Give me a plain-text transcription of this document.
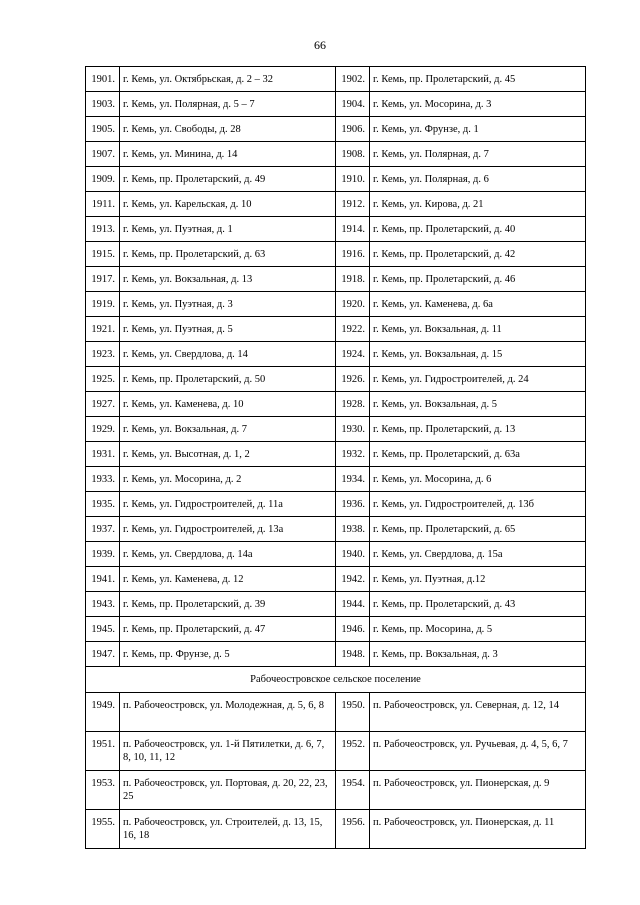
66
1901.	г. Кемь, ул. Октябрьская, д. 2 – 32	1902.	г. Кемь, пр. Пролетарский, д. 45
1903.	г. Кемь, ул. Полярная, д. 5 – 7	1904.	г. Кемь, ул. Мосорина, д. 3
1905.	г. Кемь, ул. Свободы, д. 28	1906.	г. Кемь, ул. Фрунзе, д. 1
1907.	г. Кемь, ул. Минина, д. 14	1908.	г. Кемь, ул. Полярная, д. 7
1909.	г. Кемь, пр. Пролетарский, д. 49	1910.	г. Кемь, ул. Полярная, д. 6
1911.	г. Кемь, ул. Карельская, д. 10	1912.	г. Кемь, ул. Кирова, д. 21
1913.	г. Кемь, ул. Пуэтная, д. 1	1914.	г. Кемь, пр. Пролетарский, д. 40
1915.	г. Кемь, пр. Пролетарский, д. 63	1916.	г. Кемь, пр. Пролетарский, д. 42
1917.	г. Кемь, ул. Вокзальная, д. 13	1918.	г. Кемь, пр. Пролетарский, д. 46
1919.	г. Кемь, ул. Пуэтная, д. 3	1920.	г. Кемь, ул. Каменева, д. 6а
1921.	г. Кемь, ул. Пуэтная, д. 5	1922.	г. Кемь, ул. Вокзальная, д. 11
1923.	г. Кемь, ул. Свердлова, д. 14	1924.	г. Кемь, ул. Вокзальная, д. 15
1925.	г. Кемь, пр. Пролетарский, д. 50	1926.	г. Кемь, ул. Гидростроителей, д. 24
1927.	г. Кемь, ул. Каменева, д. 10	1928.	г. Кемь, ул. Вокзальная, д. 5
1929.	г. Кемь, ул. Вокзальная, д. 7	1930.	г. Кемь, пр. Пролетарский, д. 13
1931.	г. Кемь, ул. Высотная, д. 1, 2	1932.	г. Кемь, пр. Пролетарский, д. 63а
1933.	г. Кемь, ул. Мосорина, д. 2	1934.	г. Кемь, ул. Мосорина, д. 6
1935.	г. Кемь, ул. Гидростроителей, д. 11а	1936.	г. Кемь, ул. Гидростроителей, д. 13б
1937.	г. Кемь, ул. Гидростроителей, д. 13а	1938.	г. Кемь, пр. Пролетарский, д. 65
1939.	г. Кемь, ул. Свердлова, д. 14а	1940.	г. Кемь, ул. Свердлова, д. 15а
1941.	г. Кемь, ул. Каменева, д. 12	1942.	г. Кемь, ул. Пуэтная, д.12
1943.	г. Кемь, пр. Пролетарский, д. 39	1944.	г. Кемь, пр. Пролетарский, д. 43
1945.	г. Кемь, пр. Пролетарский, д. 47	1946.	г. Кемь, пр. Мосорина, д. 5
1947.	г. Кемь, пр. Фрунзе, д. 5	1948.	г. Кемь, пр. Вокзальная, д. 3
Рабочеостровское сельское поселение			
1949.	п. Рабочеостровск, ул. Молодежная, д. 5, 6, 8	1950.	п. Рабочеостровск, ул. Северная, д. 12, 14
1951.	п. Рабочеостровск, ул. 1-й Пятилетки, д. 6, 7, 8, 10, 11, 12	1952.	п. Рабочеостровск, ул. Ручьевая, д. 4, 5, 6, 7
1953.	п. Рабочеостровск, ул. Портовая, д. 20, 22, 23, 25	1954.	п. Рабочеостровск, ул. Пионерская, д. 9
1955.	п. Рабочеостровск, ул. Строителей, д. 13, 15, 16, 18	1956.	п. Рабочеостровск, ул. Пионерская, д. 11
